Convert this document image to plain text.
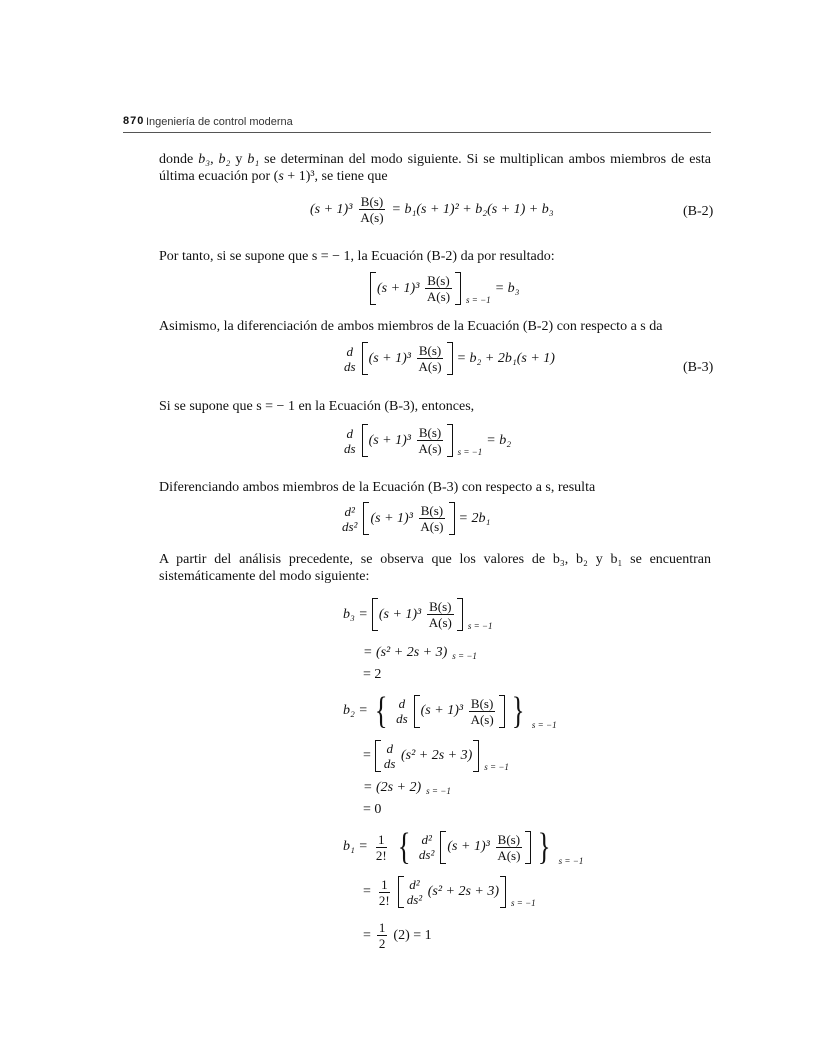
870 Ingeniería de control moderna
donde b₃, b₂ y b₁ se determinan del modo siguiente. Si se multiplican ambos miembros de esta última ecuación por (s + 1)³, se tiene que
$(s + 1)^3 \frac{B(s)}{A(s)} = b_1(s + 1)^2 + b_2(s + 1) + b_3$	(B-2)
Por tanto, si se supone que s = − 1, la Ecuación (B-2) da por resultado:
(s + 1)³
$\frac{B(s)}{A(s)}$ s = −1
= b₃
Asimismo, la diferenciación de ambos miembros de la Ecuación (B-2) con respecto a s da
d
ds
(s + 1)³
$\frac{B(s)}{A(s)} = b_2 + 2b_1(s + 1)$
(B-3)
Si se supone que s = − 1 en la Ecuación (B-3), entonces,
d
ds
(s + 1)³
$\frac{B(s)}{A(s)}$ s = −1
= b₂
Diferenciando ambos miembros de la Ecuación (B-3) con respecto a s, resulta
d²
ds²
(s + 1)³
$\frac{B(s)}{A(s)} = 2b_1$
A partir del análisis precedente, se observa que los valores de b₃, b₂ y b₁ se encuentran sistemáticamente del modo siguiente:
b₃ = (s + 1)³
$\frac{B(s)}{A(s)}$ s = −1
= (s² + 2s + 3) s = −1
= 2
b₂ = { d
ds
(s + 1)³
$\frac{B(s)}{A(s)}$ } s = −1
= d
ds

(s² + 2s + 3)
s = −1
= (2s + 2) s = −1
= 0
$b_1 = \frac{1}{2!}$ { d²
ds²
(s + 1)³
$\frac{B(s)}{A(s)}$ } s = −1
= $\frac{1}{2!} d^2$
ds²

(s² + 2s + 3)
s = −1
= $\frac{1}{2} (2) = 1$
